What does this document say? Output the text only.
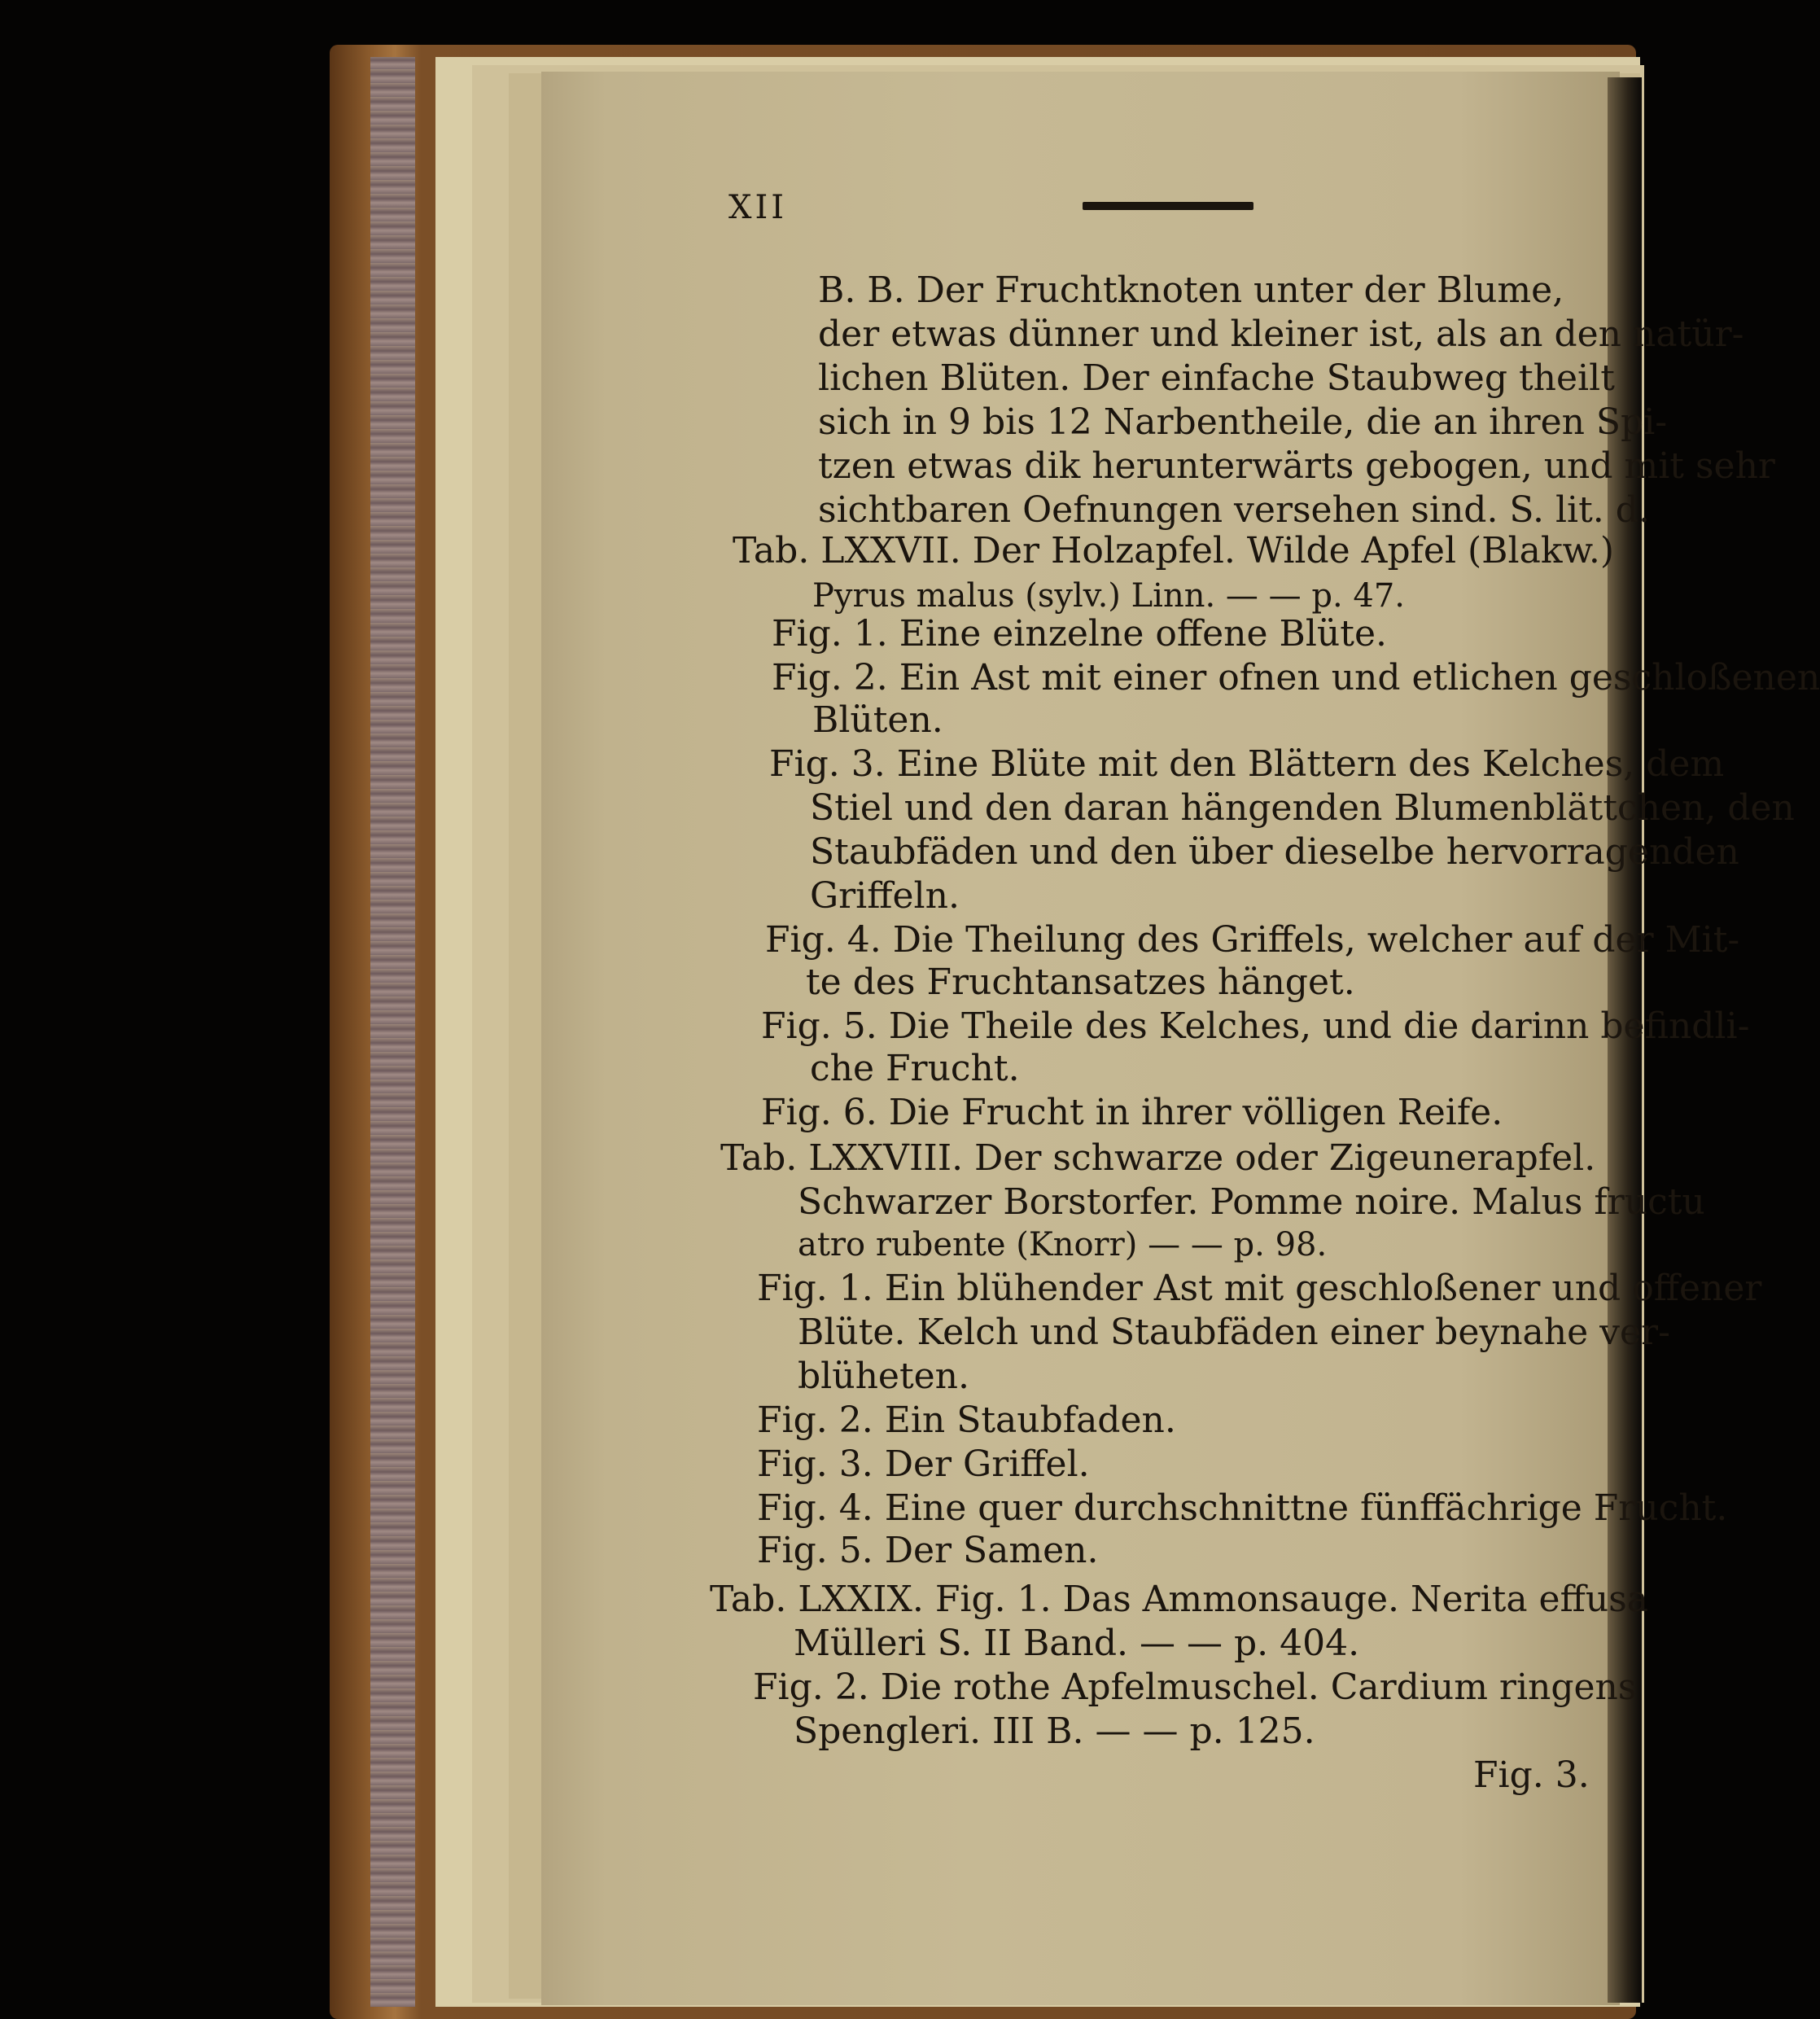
XII
B. B. Der Fruchtknoten unter der Blume,
der etwas dünner und kleiner ist, als an den natür-
lichen Blüten. Der einfache Staubweg theilt
sich in 9 bis 12 Narbentheile, die an ihren Spi-
tzen etwas dik herunterwärts gebogen, und mit sehr
sichtbaren Oefnungen versehen sind. S. lit. d.
Tab. LXXVII. Der Holzapfel. Wilde Apfel (Blakw.)
Pyrus malus (sylv.) Linn. — — p. 47.
Fig. 1. Eine einzelne offene Blüte.
Fig. 2. Ein Ast mit einer ofnen und etlichen geschloßenen
Blüten.
Fig. 3. Eine Blüte mit den Blättern des Kelches, dem
Stiel und den daran hängenden Blumenblättchen, den
Staubfäden und den über dieselbe hervorragenden
Griffeln.
Fig. 4. Die Theilung des Griffels, welcher auf der Mit-
te des Fruchtansatzes hänget.
Fig. 5. Die Theile des Kelches, und die darinn befindli-
che Frucht.
Fig. 6. Die Frucht in ihrer völligen Reife.
Tab. LXXVIII. Der schwarze oder Zigeunerapfel.
Schwarzer Borstorfer. Pomme noire. Malus fructu
atro rubente (Knorr) — — p. 98.
Fig. 1. Ein blühender Ast mit geschloßener und offener
Blüte. Kelch und Staubfäden einer beynahe ver-
blüheten.
Fig. 2. Ein Staubfaden.
Fig. 3. Der Griffel.
Fig. 4. Eine quer durchschnittne fünffächrige Frucht.
Fig. 5. Der Samen.
Tab. LXXIX. Fig. 1. Das Ammonsauge. Nerita effusa
Mülleri S. II Band. — — p. 404.
Fig. 2. Die rothe Apfelmuschel. Cardium ringens
Spengleri. III B. — — p. 125.
Fig. 3.
